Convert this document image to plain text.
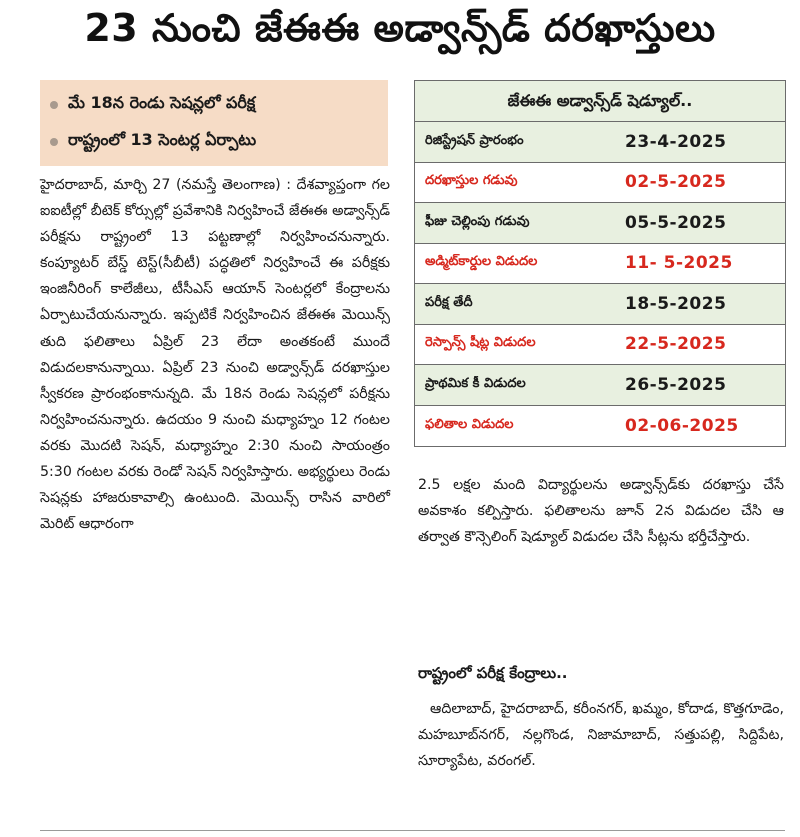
23 నుంచి జేఈఈ అడ్వాన్స్‌డ్ దరఖాస్తులు
మే 18న రెండు సెషన్లలో పరీక్ష
రాష్ట్రంలో 13 సెంటర్ల ఏర్పాటు

హైదరాబాద్, మార్చి 27 (నమస్తే తెలంగాణ) : దేశవ్యాప్తంగా గల ఐఐటీల్లో బీటెక్ కోర్సుల్లో ప్రవేశానికి నిర్వహించే జేఈఈ అడ్వాన్స్‌డ్ పరీక్షను రాష్ట్రంలో 13 పట్టణాల్లో నిర్వహించనున్నారు. కంప్యూటర్ బేస్డ్ టెస్ట్(సీబీటీ) పద్ధతిలో నిర్వహించే ఈ పరీక్షకు ఇంజినీరింగ్ కాలేజీలు, టీసీఎస్ ఆయాన్ సెంటర్లలో కేంద్రాలను ఏర్పాటుచేయనున్నారు. ఇప్పటికే నిర్వహించిన జేఈఈ మెయిన్స్ తుది ఫలితాలు ఏప్రిల్ 23 లేదా అంతకంటే ముందే విడుదలకానున్నాయి. ఏప్రిల్ 23 నుంచి అడ్వాన్స్‌డ్ దరఖాస్తుల స్వీకరణ ప్రారంభంకానున్నది. మే 18న రెండు సెషన్లలో పరీక్షను నిర్వహించనున్నారు. ఉదయం 9 నుంచి మధ్యాహ్నం 12 గంటల వరకు మొదటి సెషన్, మధ్యాహ్నం 2:30 నుంచి సాయంత్రం 5:30 గంటల వరకు రెండో సెషన్ నిర్వహిస్తారు. అభ్యర్థులు రెండు సెషన్లకు హాజరుకావాల్సి ఉంటుంది. మెయిన్స్ రాసిన వారిలో మెరిట్ ఆధారంగా

జేఈఈ అడ్వాన్స్‌డ్ షెడ్యూల్..
రిజిస్ట్రేషన్ ప్రారంభం	23-4-2025
దరఖాస్తుల గడువు	02-5-2025
ఫీజు చెల్లింపు గడువు	05-5-2025
అడ్మిట్‌కార్డుల విడుదల	11- 5-2025
పరీక్ష తేదీ	18-5-2025
రెస్పాన్స్ షీట్ల విడుదల	22-5-2025
ప్రాథమిక కీ విడుదల	26-5-2025
ఫలితాల విడుదల	02-06-2025

2.5 లక్షల మంది విద్యార్థులను అడ్వాన్స్‌డ్‌కు దరఖాస్తు చేసే అవకాశం కల్పిస్తారు. ఫలితాలను జూన్ 2న విడుదల చేసి ఆ తర్వాత కౌన్సెలింగ్ షెడ్యూల్ విడుదల చేసి సీట్లను భర్తీచేస్తారు.

రాష్ట్రంలో పరీక్ష కేంద్రాలు..

ఆదిలాబాద్, హైదరాబాద్, కరీంనగర్, ఖమ్మం, కోదాడ, కొత్తగూడెం, మహబూబ్‌నగర్, నల్లగొండ, నిజామాబాద్, సత్తుపల్లి, సిద్దిపేట, సూర్యాపేట, వరంగల్.
